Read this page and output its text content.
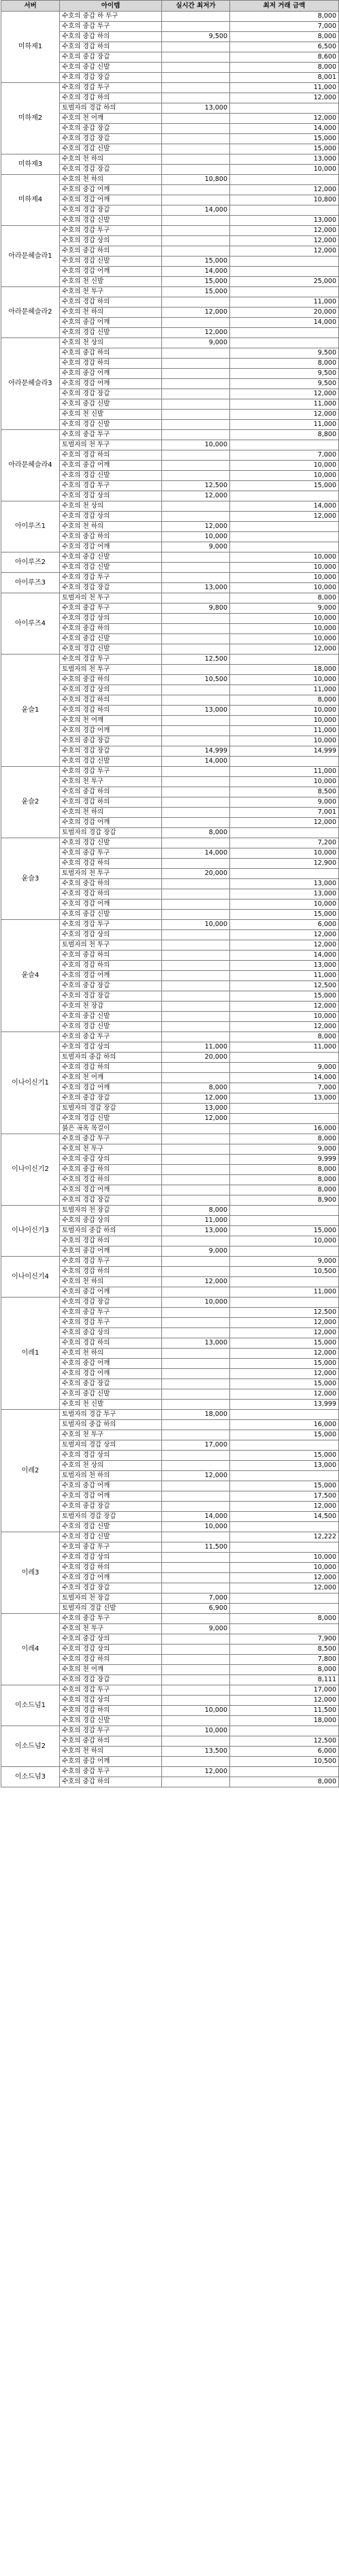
서버	아이템	실시간 최저가	최저 거래 금액
미하제1	수호의 중갑 하 투구		8,000
	수호의 중갑 투구		7,000
	수호의 중갑 하의	9,500	8,000
	수호의 경갑 하의		6,500
	수호의 중갑 장갑		8,600
	수호의 중갑 신발		8,000
	수호의 경갑 장갑		8,001
미하제2	수호의 경갑 투구		11,000
	수호의 경갑 하의		12,000
	토벌자의 경갑 하의	13,000	
	수호의 천 어깨		12,000
	수호의 중갑 장갑		14,000
	수호의 경갑 장갑		15,000
	수호의 경갑 신발		15,000
미하제3	수호의 천 하의		13,000
	수호의 경갑 장갑		10,000
미하제4	수호의 천 하의	10,800	
	수호의 중갑 어깨		12,000
	수호의 경갑 어깨		10,800
	수호의 경갑 장갑	14,000	
	수호의 경갑 신발		13,000
아라문헤슬라1	수호의 경갑 투구		12,000
	수호의 경갑 상의		12,000
	수호의 중갑 하의		12,000
	수호의 경갑 신발	15,000	
	수호의 경갑 어깨	14,000	
	수호의 천 신발	15,000	25,000
아라문헤슬라2	수호의 천 투구	15,000	
	수호의 경갑 하의		11,000
	수호의 천 하의	12,000	20,000
	수호의 중갑 어깨		14,000
	수호의 경갑 신발	12,000	
아라문헤슬라3	수호의 천 상의	9,000	
	수호의 중갑 하의		9,500
	수호의 경갑 하의		8,000
	수호의 중갑 어깨		9,500
	수호의 경갑 어깨		9,500
	수호의 경갑 장갑		12,000
	수호의 중갑 신발		11,000
	수호의 천 신발		12,000
	수호의 경갑 신발		11,000
아라문헤슬라4	수호의 중갑 투구		8,800
	토벌자의 천 투구	10,000	
	수호의 경갑 하의		7,000
	수호의 중갑 어깨		10,000
	수호의 경갑 신발		10,000
	수호의 경갑 투구	12,500	15,000
	수호의 경갑 상의	12,000	
아이루즈1	수호의 천 상의		14,000
	수호의 경갑 상의		12,000
	수호의 천 하의	12,000	
	수호의 중갑 하의	10,000	
	수호의 경갑 어깨	9,000	
아이루즈2	수호의 중갑 신발		10,000
	수호의 경갑 신발		10,000
아이루즈3	수호의 경갑 투구		10,000
	수호의 경갑 장갑	13,000	10,000
아이루즈4	토벌자의 천 투구		8,000
	수호의 중갑 투구	9,800	9,000
	수호의 경갑 상의		10,000
	수호의 중갑 하의		10,000
	수호의 중갑 신발		10,000
	수호의 경갑 신발		12,000
윤슬1	수호의 경갑 투구	12,500	
	토벌자의 천 투구		18,000
	수호의 중갑 하의	10,500	10,000
	수호의 경갑 상의		11,000
	수호의 경갑 하의		8,000
	수호의 경갑 하의	13,000	10,000
	수호의 천 어깨		10,000
	수호의 경갑 어깨		11,000
	수호의 중갑 장갑		10,000
	수호의 경갑 장갑	14,999	14,999
	수호의 경갑 신발	14,000	
윤슬2	수호의 경갑 투구		11,000
	수호의 천 투구		10,000
	수호의 중갑 하의		8,500
	수호의 경갑 하의		9,000
	수호의 천 하의		7,001
	수호의 경갑 어깨		12,000
	토벌자의 경갑 장갑	8,000	
윤슬3	수호의 경갑 신발		7,200
	수호의 중갑 투구	14,000	10,000
	수호의 경갑 하의		12,900
	토벌자의 천 투구	20,000	
	수호의 중갑 하의		13,000
	수호의 경갑 하의		13,000
	수호의 경갑 어깨		10,000
	수호의 중갑 신발		15,000
윤슬4	수호의 경갑 투구	10,000	6,000
	수호의 경갑 상의		12,000
	토벌자의 천 투구		12,000
	수호의 중갑 하의		14,000
	수호의 경갑 하의		13,000
	수호의 경갑 어깨		11,000
	수호의 중갑 장갑		12,500
	수호의 경갑 장갑		15,000
	수호의 천 장갑		12,000
	수호의 중갑 신발		10,000
	수호의 경갑 신발		12,000
이나이신기1	수호의 중갑 투구		8,000
	수호의 경갑 상의	11,000	11,000
	토벌자의 중갑 하의	20,000	
	수호의 경갑 하의		9,000
	수호의 천 어깨		14,000
	수호의 경갑 어깨	8,000	7,000
	수호의 중갑 장갑	12,000	13,000
	토벌자의 경갑 장갑	13,000	
	수호의 경갑 신발	12,000	
	붉은 곡옥 목걸이		16,000
이나이신기2	수호의 중갑 투구		8,000
	수호의 천 투구		9,000
	수호의 중갑 상의		9,999
	수호의 중갑 하의		8,000
	수호의 경갑 하의		8,000
	수호의 경갑 어깨		8,000
	수호의 경갑 장갑		8,900
이나이신기3	토벌자의 천 장갑	8,000	
	수호의 중갑 상의	11,000	
	토벌자의 중갑 하의	13,000	15,000
	수호의 경갑 하의		10,000
	수호의 중갑 어깨	9,000	
이나이신기4	수호의 경갑 투구		9,000
	수호의 경갑 하의		10,500
	수호의 천 하의	12,000	
	수호의 중갑 어깨		11,000
이레1	수호의 경갑 장갑	10,000	
	수호의 중갑 투구		12,500
	수호의 경갑 투구		12,000
	수호의 중갑 상의		12,000
	수호의 경갑 하의	13,000	15,000
	수호의 천 하의		12,000
	수호의 중갑 어깨		15,000
	수호의 경갑 어깨		12,000
	수호의 중갑 장갑		15,000
	수호의 중갑 신발		12,000
	수호의 천 신발		13,999
이레2	토벌자의 경갑 투구	18,000	
	토벌자의 중갑 하의		16,000
	수호의 천 투구		15,000
	토벌자의 경갑 상의	17,000	
	수호의 경갑 상의		15,000
	수호의 천 상의		13,000
	토벌자의 천 하의	12,000	
	수호의 중갑 어깨		15,000
	수호의 경갑 어깨		17,500
	수호의 중갑 장갑		12,000
	토벌자의 경갑 장갑	14,000	14,500
	수호의 경갑 신발	10,000	
이레3	수호의 경갑 신발		12,222
	수호의 중갑 투구	11,500	
	수호의 경갑 상의		10,000
	수호의 경갑 하의		10,000
	수호의 경갑 어깨		12,000
	수호의 경갑 장갑		12,000
	토벌자의 천 장갑	7,000	
	토벌자의 경갑 신발	6,900	
이레4	수호의 중갑 투구		8,000
	수호의 천 투구	9,000	
	수호의 중갑 상의		7,900
	수호의 경갑 상의		8,500
	수호의 경갑 하의		7,800
	수호의 천 어깨		8,000
	수호의 경갑 장갑		8,111
이소드넘1	수호의 경갑 투구		17,000
	수호의 경갑 상의		12,000
	수호의 경갑 하의	10,000	11,500
	수호의 경갑 신발		18,000
이소드넘2	수호의 경갑 투구	10,000	
	수호의 중갑 하의		12,500
	수호의 천 하의	13,500	6,000
	수호의 중갑 어깨		10,500
이소드넘3	수호의 중갑 투구	12,000	
	수호의 중갑 하의		8,000
